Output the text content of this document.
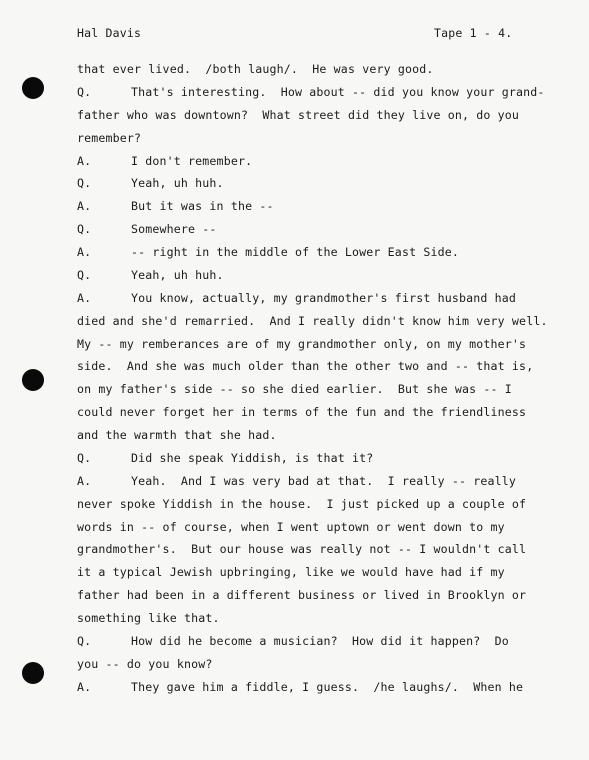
Hal Davis	Tape 1 - 4.
that ever lived.  /both laugh/.  He was very good.
Q.	That's interesting.  How about -- did you know your grand-
father who was downtown?  What street did they live on, do you
remember?
A.	I don't remember.
Q.	Yeah, uh huh.
A.	But it was in the --
Q.	Somewhere --
A.	-- right in the middle of the Lower East Side.
Q.	Yeah, uh huh.
A.	You know, actually, my grandmother's first husband had
died and she'd remarried.  And I really didn't know him very well.
My -- my remberances are of my grandmother only, on my mother's
side.  And she was much older than the other two and -- that is,
on my father's side -- so she died earlier.  But she was -- I
could never forget her in terms of the fun and the friendliness
and the warmth that she had.
Q.	Did she speak Yiddish, is that it?
A.	Yeah.  And I was very bad at that.  I really -- really
never spoke Yiddish in the house.  I just picked up a couple of
words in -- of course, when I went uptown or went down to my
grandmother's.  But our house was really not -- I wouldn't call
it a typical Jewish upbringing, like we would have had if my
father had been in a different business or lived in Brooklyn or
something like that.
Q.	How did he become a musician?  How did it happen?  Do
you -- do you know?
A.	They gave him a fiddle, I guess.  /he laughs/.  When he
